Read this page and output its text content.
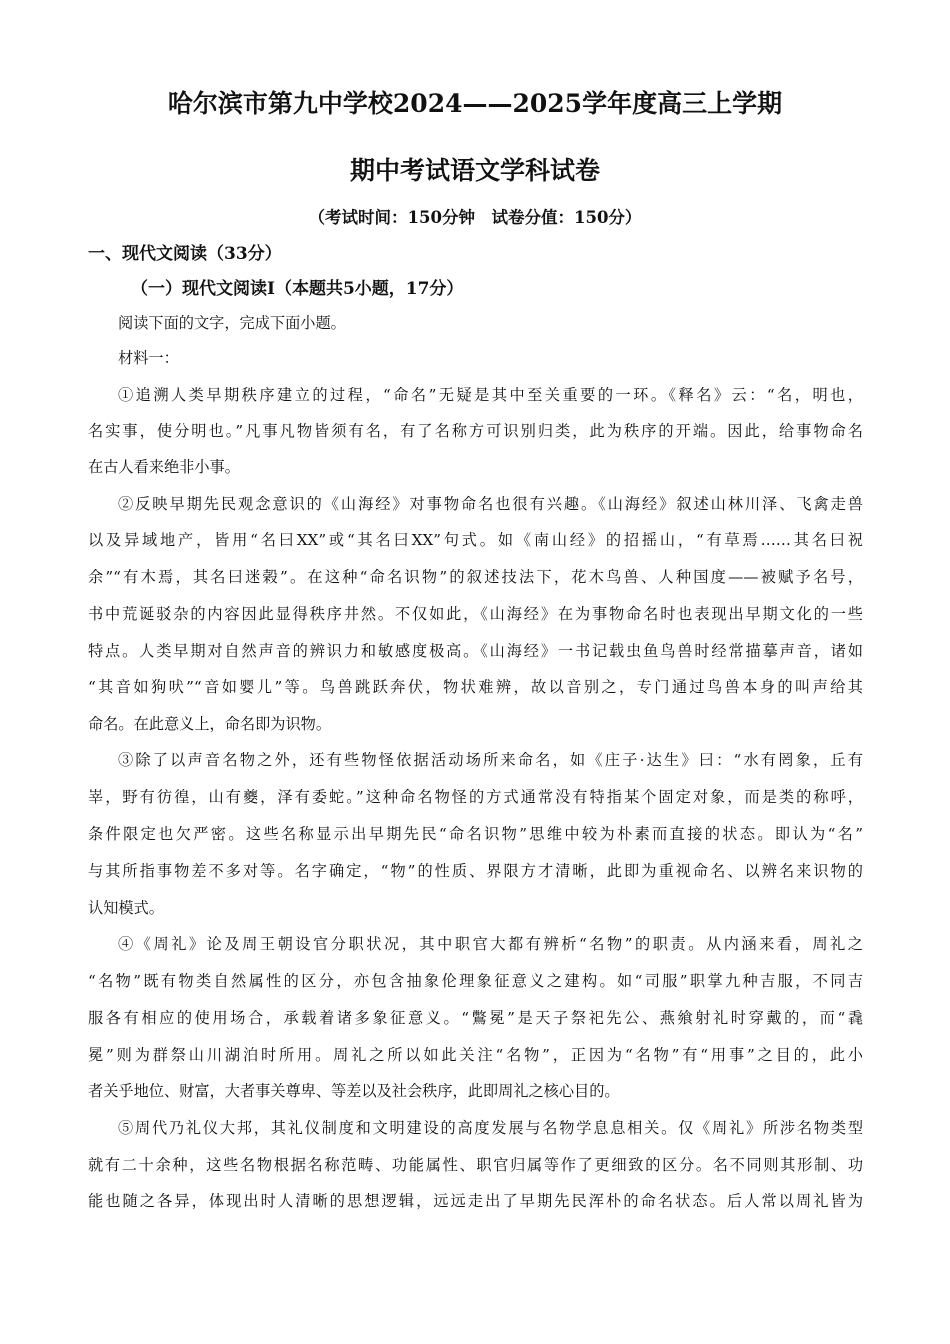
哈尔滨市第九中学校2024——2025学年度高三上学期
期中考试语文学科试卷
（考试时间：150分钟　试卷分值：150分）
一、现代文阅读（33分）
（一）现代文阅读Ⅰ（本题共5小题，17分）
阅读下面的文字，完成下面小题。
材料一：
①追溯人类早期秩序建立的过程，“命名”无疑是其中至关重要的一环。《释名》云：“名，明也，
名实事，使分明也。”凡事凡物皆须有名，有了名称方可识别归类，此为秩序的开端。因此，给事物命名
在古人看来绝非小事。
②反映早期先民观念意识的《山海经》对事物命名也很有兴趣。《山海经》叙述山林川泽、飞禽走兽
以及异域地产，皆用“名曰XX”或“其名曰XX”句式。如《南山经》的招摇山，“有草焉……其名曰祝
余”“有木焉，其名曰迷榖”。在这种“命名识物”的叙述技法下，花木鸟兽、人种国度——被赋予名号，
书中荒诞驳杂的内容因此显得秩序井然。不仅如此，《山海经》在为事物命名时也表现出早期文化的一些
特点。人类早期对自然声音的辨识力和敏感度极高。《山海经》一书记载虫鱼鸟兽时经常描摹声音，诸如
“其音如狗吠”“音如婴儿”等。鸟兽跳跃奔伏，物状难辨，故以音别之，专门通过鸟兽本身的叫声给其
命名。在此意义上，命名即为识物。
③除了以声音名物之外，还有些物怪依据活动场所来命名，如《庄子·达生》曰：“水有罔象，丘有
峷，野有彷徨，山有夔，泽有委蛇。”这种命名物怪的方式通常没有特指某个固定对象，而是类的称呼，
条件限定也欠严密。这些名称显示出早期先民“命名识物”思维中较为朴素而直接的状态。即认为“名”
与其所指事物差不多对等。名字确定，“物”的性质、界限方才清晰，此即为重视命名、以辨名来识物的
认知模式。
④《周礼》论及周王朝设官分职状况，其中职官大都有辨析“名物”的职责。从内涵来看，周礼之
“名物”既有物类自然属性的区分，亦包含抽象伦理象征意义之建构。如“司服”职掌九种吉服，不同吉
服各有相应的使用场合，承载着诸多象征意义。“鷩冕”是天子祭祀先公、燕飨射礼时穿戴的，而“毳
冕”则为群祭山川湖泊时所用。周礼之所以如此关注“名物”，正因为“名物”有“用事”之目的，此小
者关乎地位、财富，大者事关尊卑、等差以及社会秩序，此即周礼之核心目的。
⑤周代乃礼仪大邦，其礼仪制度和文明建设的高度发展与名物学息息相关。仅《周礼》所涉名物类型
就有二十余种，这些名物根据名称范畴、功能属性、职官归属等作了更细致的区分。名不同则其形制、功
能也随之各异，体现出时人清晰的思想逻辑，远远走出了早期先民浑朴的命名状态。后人常以周礼皆为
